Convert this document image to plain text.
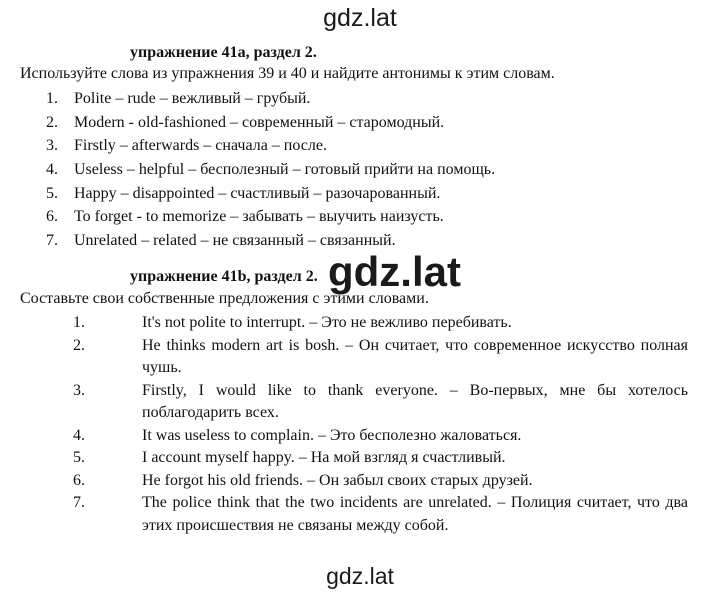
gdz.lat
упражнение 41a, раздел 2.
Используйте слова из упражнения 39 и 40 и найдите антонимы к этим словам.
1.	Polite – rude – вежливый – грубый.
2.	Modern - old-fashioned – современный – старомодный.
3.	Firstly – afterwards – сначала – после.
4.	Useless – helpful – бесполезный – готовый прийти на помощь.
5.	Happy – disappointed – счастливый – разочарованный.
6.	To forget - to memorize – забывать – выучить наизусть.
7.	Unrelated – related – не связанный – связанный.
упражнение 41b, раздел 2. gdz.lat
Составьте свои собственные предложения с этими словами.
1.	It's not polite to interrupt. – Это не вежливо перебивать.
2.	He thinks modern art is bosh. – Он считает, что современное искусство полная чушь.
3.	Firstly, I would like to thank everyone. – Во-первых, мне бы хотелось поблагодарить всех.
4.	It was useless to complain. – Это бесполезно жаловаться.
5.	I account myself happy. – На мой взгляд я счастливый.
6.	He forgot his old friends. – Он забыл своих старых друзей.
7.	The police think that the two incidents are unrelated. – Полиция считает, что два этих происшествия не связаны между собой.
gdz.lat
